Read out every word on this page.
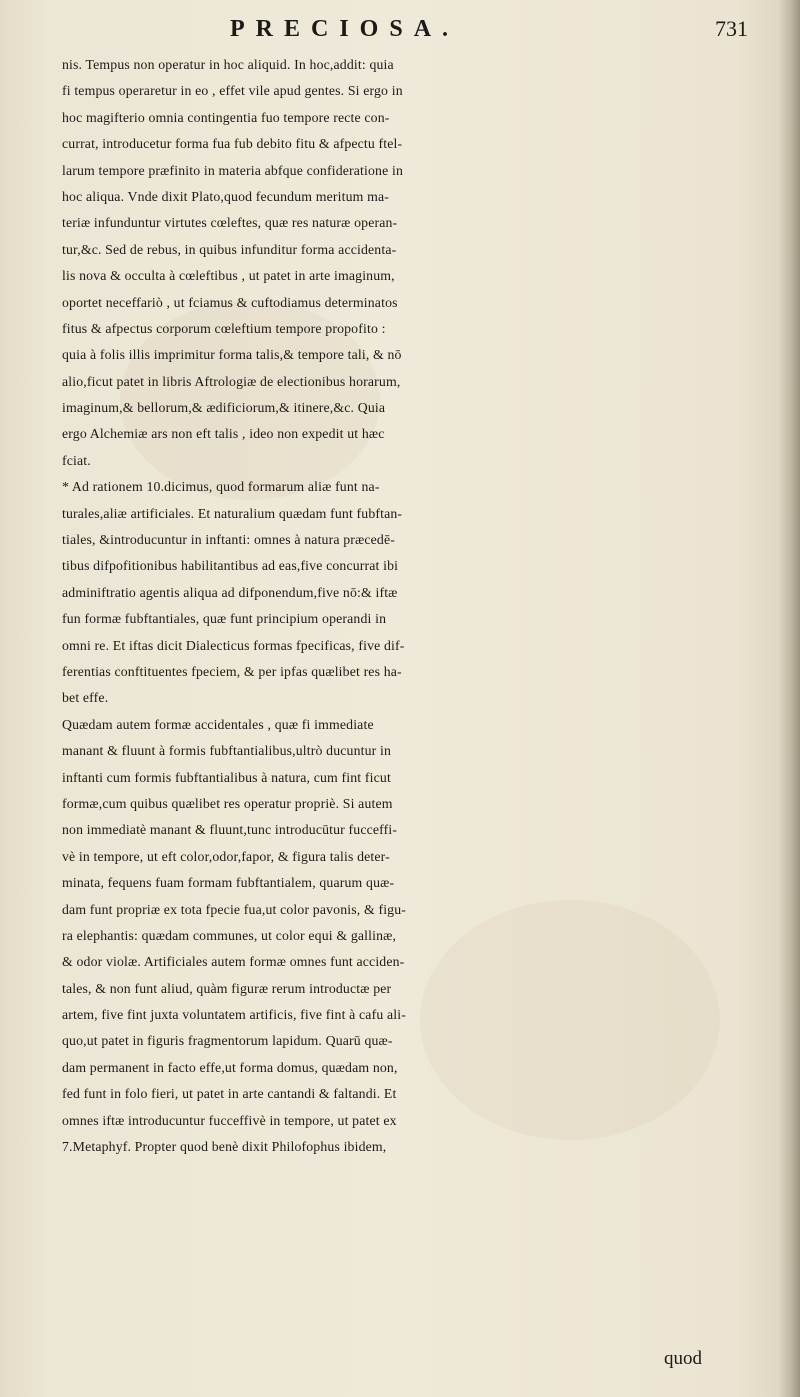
PRECIOSA.	731
nis. Tempus non operatur in hoc aliquid. In hoc,addit: quia
fi tempus operaretur in eo , effet vile apud gentes. Si ergo in
hoc magifterio omnia contingentia fuo tempore recte con-
currat, introducetur forma fua fub debito fitu & afpectu ftel-
larum tempore præfinito in materia abfque confideratione in
hoc aliqua. Vnde dixit Plato,quod fecundum meritum ma-
teriæ infunduntur virtutes cœleftes, quæ res naturæ operan-
tur,&c. Sed de rebus, in quibus infunditur forma accidenta-
lis nova & occulta à cœleftibus , ut patet in arte imaginum,
oportet neceffariò , ut fciamus & cuftodiamus determinatos
fitus & afpectus corporum cœleftium tempore propofito :
quia à folis illis imprimitur forma talis,& tempore tali, & nō
alio,ficut patet in libris Aftrologiæ de electionibus horarum,
imaginum,& bellorum,& ædificiorum,& itinere,&c. Quia
ergo Alchemiæ ars non eft talis , ideo non expedit ut hæc
fciat.
* Ad rationem 10.dicimus, quod formarum aliæ funt na-
turales,aliæ artificiales. Et naturalium quædam funt fubftan-
tiales, &introducuntur in inftanti: omnes à natura præcedē-
tibus difpofitionibus habilitantibus ad eas,five concurrat ibi
adminiftratio agentis aliqua ad difponendum,five nō:& iftæ
fun formæ fubftantiales, quæ funt principium operandi in
omni re. Et iftas dicit Dialecticus formas fpecificas, five dif-
ferentias conftituentes fpeciem, & per ipfas quælibet res ha-
bet effe.
Quædam autem formæ accidentales , quæ fi immediate
manant & fluunt à formis fubftantialibus,ultrò ducuntur in
inftanti cum formis fubftantialibus à natura, cum fint ficut
formæ,cum quibus quælibet res operatur propriè. Si autem
non immediatè manant & fluunt,tunc introducūtur fucceffi-
vè in tempore, ut eft color,odor,fapor, & figura talis deter-
minata, fequens fuam formam fubftantialem, quarum quæ-
dam funt propriæ ex tota fpecie fua,ut color pavonis, & figu-
ra elephantis: quædam communes, ut color equi & gallinæ,
& odor violæ. Artificiales autem formæ omnes funt acciden-
tales, & non funt aliud, quàm figuræ rerum introductæ per
artem, five fint juxta voluntatem artificis, five fint à cafu ali-
quo,ut patet in figuris fragmentorum lapidum. Quarū quæ-
dam permanent in facto effe,ut forma domus, quædam non,
fed funt in folo fieri, ut patet in arte cantandi & faltandi. Et
omnes iftæ introducuntur fucceffivè in tempore, ut patet ex
7.Metaphyf. Propter quod benè dixit Philofophus ibidem,
quod
